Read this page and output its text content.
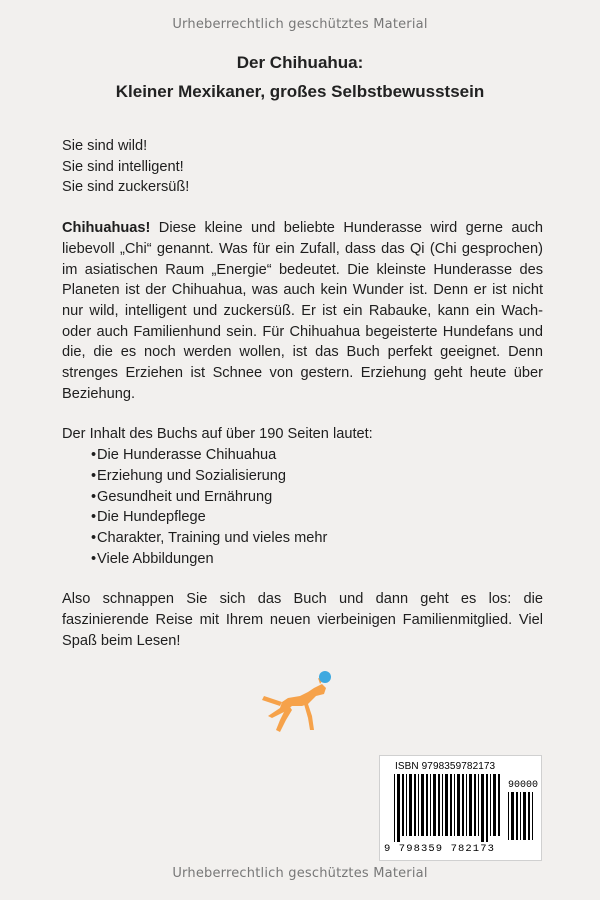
Urheberrechtlich geschütztes Material
Der Chihuahua:
Kleiner Mexikaner, großes Selbstbewusstsein

Sie sind wild!

Sie sind intelligent!

Sie sind zuckersüß!

Chihuahuas! Diese kleine und beliebte Hunderasse wird gerne auch liebevoll „Chi“ genannt. Was für ein Zufall, dass das Qi (Chi gesprochen) im asiatischen Raum „Energie“ bedeutet. Die kleinste Hunderasse des Planeten ist der Chihuahua, was auch kein Wunder ist. Denn er ist nicht nur wild, intelligent und zuckersüß. Er ist ein Rabauke, kann ein Wach- oder auch Familienhund sein. Für Chihuahua begeisterte Hundefans und die, die es noch werden wollen, ist das Buch perfekt geeignet. Denn strenges Erziehen ist Schnee von gestern. Erziehung geht heute über Beziehung.

Der Inhalt des Buchs auf über 190 Seiten lautet:

• Die Hunderasse Chihuahua
• Erziehung und Sozialisierung
• Gesundheit und Ernährung
• Die Hundepflege
• Charakter, Training und vieles mehr
• Viele Abbildungen

Also schnappen Sie sich das Buch und dann geht es los: die faszinierende Reise mit Ihrem neuen vierbeinigen Familienmitglied. Viel Spaß beim Lesen!

ISBN 9798359782173
90000
9 798359 782173
Urheberrechtlich geschütztes Material
